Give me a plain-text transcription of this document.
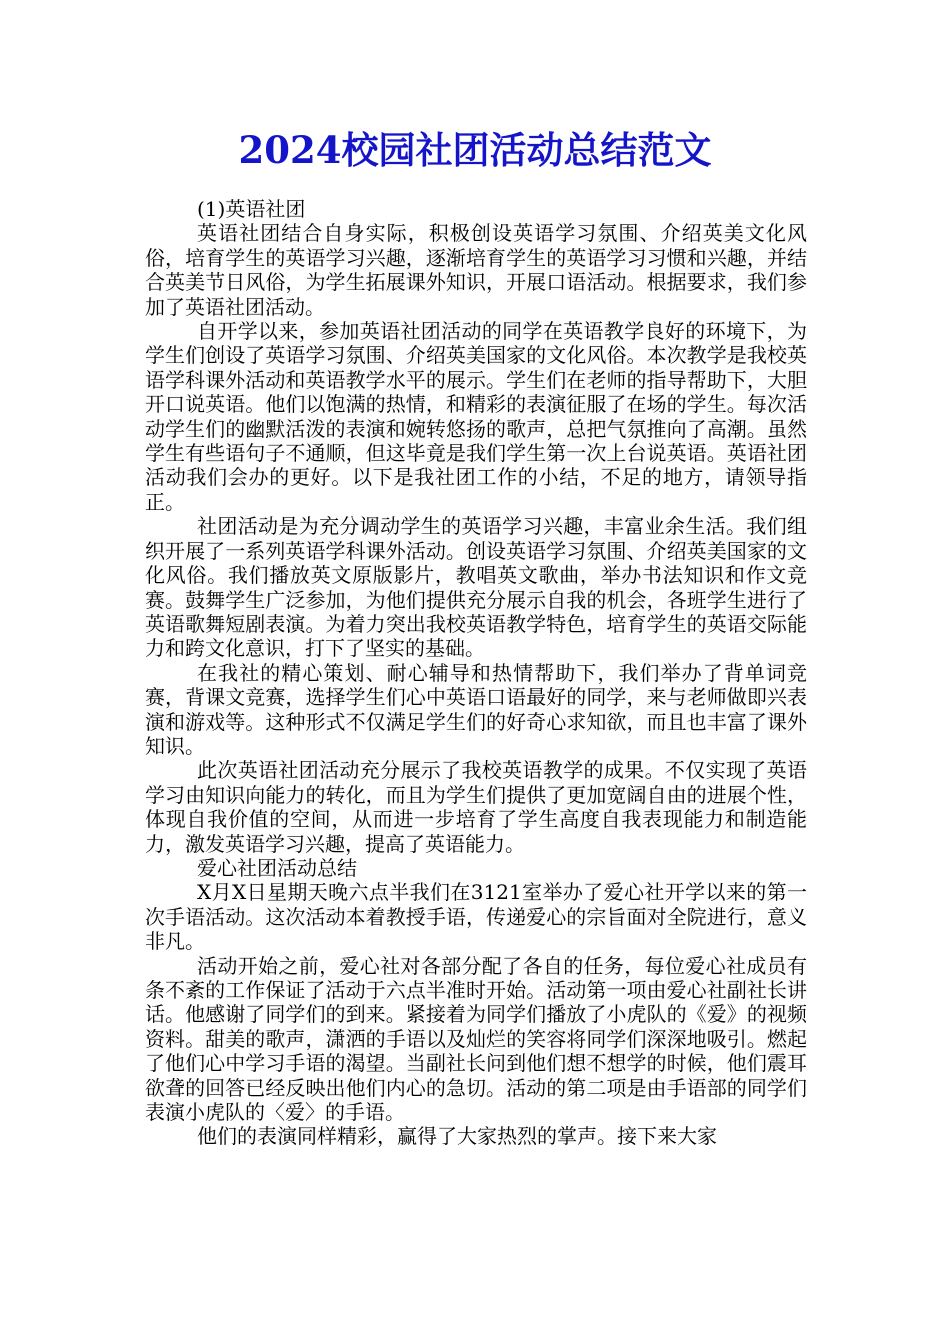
2024校园社团活动总结范文

(1)英语社团

英语社团结合自身实际，积极创设英语学习氛围、介绍英美文化风俗，培育学生的英语学习兴趣，逐渐培育学生的英语学习习惯和兴趣，并结合英美节日风俗，为学生拓展课外知识，开展口语活动。根据要求，我们参加了英语社团活动。

自开学以来，参加英语社团活动的同学在英语教学良好的环境下，为学生们创设了英语学习氛围、介绍英美国家的文化风俗。本次教学是我校英语学科课外活动和英语教学水平的展示。学生们在老师的指导帮助下，大胆开口说英语。他们以饱满的热情，和精彩的表演征服了在场的学生。每次活动学生们的幽默活泼的表演和婉转悠扬的歌声，总把气氛推向了高潮。虽然学生有些语句子不通顺，但这毕竟是我们学生第一次上台说英语。英语社团活动我们会办的更好。以下是我社团工作的小结，不足的地方，请领导指正。

社团活动是为充分调动学生的英语学习兴趣，丰富业余生活。我们组织开展了一系列英语学科课外活动。创设英语学习氛围、介绍英美国家的文化风俗。我们播放英文原版影片，教唱英文歌曲，举办书法知识和作文竞赛。鼓舞学生广泛参加，为他们提供充分展示自我的机会，各班学生进行了英语歌舞短剧表演。为着力突出我校英语教学特色，培育学生的英语交际能力和跨文化意识，打下了坚实的基础。

在我社的精心策划、耐心辅导和热情帮助下，我们举办了背单词竞赛，背课文竞赛，选择学生们心中英语口语最好的同学，来与老师做即兴表演和游戏等。这种形式不仅满足学生们的好奇心求知欲，而且也丰富了课外知识。

此次英语社团活动充分展示了我校英语教学的成果。不仅实现了英语学习由知识向能力的转化，而且为学生们提供了更加宽阔自由的进展个性，体现自我价值的空间，从而进一步培育了学生高度自我表现能力和制造能力，激发英语学习兴趣，提高了英语能力。

爱心社团活动总结

X月X日星期天晚六点半我们在3121室举办了爱心社开学以来的第一次手语活动。这次活动本着教授手语，传递爱心的宗旨面对全院进行，意义非凡。

活动开始之前，爱心社对各部分配了各自的任务，每位爱心社成员有条不紊的工作保证了活动于六点半准时开始。活动第一项由爱心社副社长讲话。他感谢了同学们的到来。紧接着为同学们播放了小虎队的《爱》的视频资料。甜美的歌声，潇洒的手语以及灿烂的笑容将同学们深深地吸引。燃起了他们心中学习手语的渴望。当副社长问到他们想不想学的时候，他们震耳欲聋的回答已经反映出他们内心的急切。活动的第二项是由手语部的同学们表演小虎队的〈爱〉的手语。

他们的表演同样精彩，赢得了大家热烈的掌声。接下来大家
